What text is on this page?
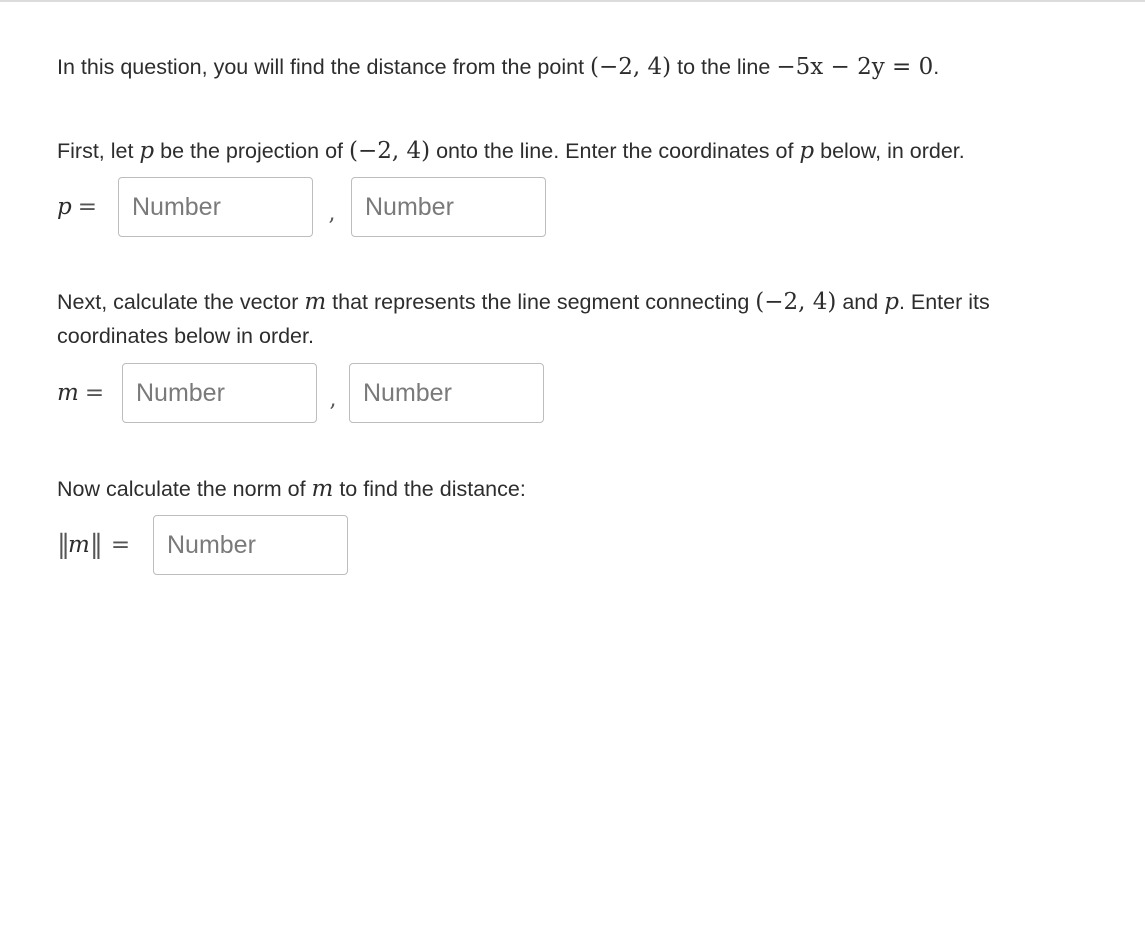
In this question, you will find the distance from the point (−2, 4) to the line −5x − 2y = 0.

First, let p be the projection of (−2, 4) onto the line. Enter the coordinates of p below, in order.

p =
Number	,
Number

Next, calculate the vector m that represents the line segment connecting (−2, 4) and p. Enter its
coordinates below in order.

m =
Number	,
Number

Now calculate the norm of m to find the distance:

‖ m ‖ =
Number
